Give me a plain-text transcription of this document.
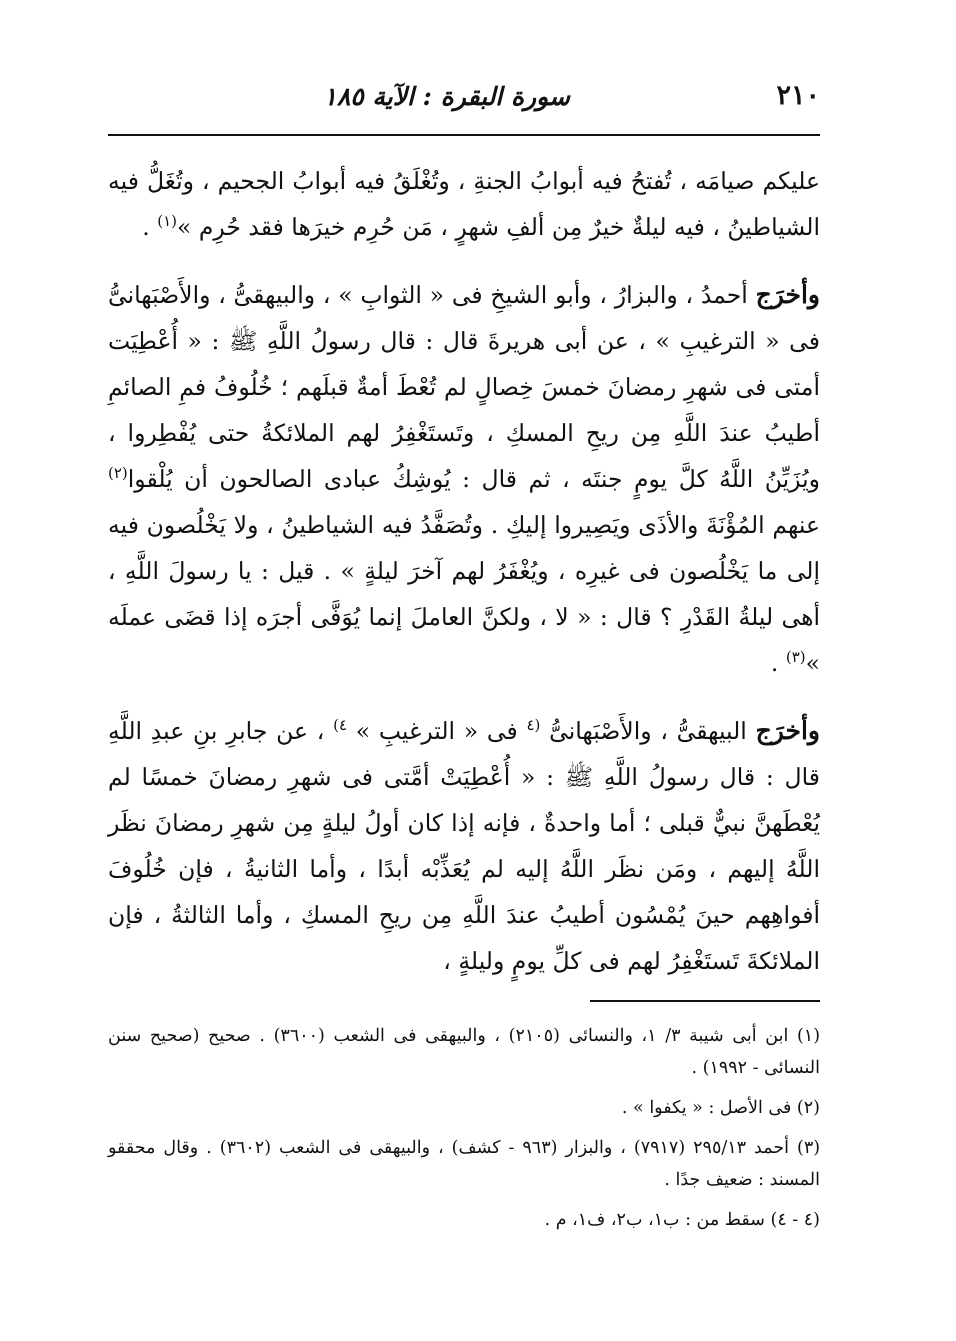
٢١٠
سورة البقرة : الآية ١٨٥

عليكم صيامَه ، تُفتحُ فيه أبوابُ الجنةِ ، وتُغْلَقُ فيه أبوابُ الجحيم ، وتُغَلُّ فيه الشياطينُ ، فيه ليلةٌ خيرٌ مِن ألفِ شهرٍ ، مَن حُرِم خيرَها فقد حُرِم »$^{(١)}$ .

وأخرَج أحمدُ ، والبزارُ ، وأبو الشيخِ فى « الثوابِ » ، والبيهقىُّ ، والأَصْبَهانىُّ فى « الترغيبِ » ، عن أبى هريرةَ قال : قال رسولُ اللَّهِ ﷺ : « أُعْطِيَت أمتى فى شهرِ رمضانَ خمسَ خِصالٍ لم تُعْطَ أمةٌ قبلَهم ؛ خُلُوفُ فمِ الصائمِ أطيبُ عندَ اللَّهِ مِن ريحِ المسكِ ، وتَستَغْفِرُ لهم الملائكةُ حتى يُفْطِروا ، ويُزَيِّنُ اللَّهُ كلَّ يومٍ جنتَه ، ثم قال : يُوشِكُ عبادى الصالحون أن يُلْقوا$^{(٢)}$ عنهم المُؤْنَةَ والأذَى ويَصِيروا إليكِ . وتُصَفَّدُ فيه الشياطينُ ، ولا يَخْلُصون فيه إلى ما يَخْلُصون فى غيرِه ، ويُغْفَرُ لهم آخرَ ليلةٍ » . قيل : يا رسولَ اللَّهِ ، أهى ليلةُ القَدْرِ ؟ قال : « لا ، ولكنَّ العاملَ إنما يُوَفَّى أجرَه إذا قضَى عملَه »$^{(٣)}$ .

وأخرَج البيهقىُّ ، والأَصْبَهانىُّ $^{(٤}$ فى « الترغيبِ » $^{٤)}$ ، عن جابرِ بنِ عبدِ اللَّهِ قال : قال رسولُ اللَّهِ ﷺ : « أُعْطِيَتْ أمَّتى فى شهرِ رمضانَ خمسًا لم يُعْطَهنَّ نبيٌّ قبلى ؛ أما واحدةٌ ، فإنه إذا كان أولُ ليلةٍ مِن شهرِ رمضانَ نظَر اللَّهُ إليهم ، ومَن نظَر اللَّهُ إليه لم يُعَذِّبْه أبدًا ، وأما الثانيةُ ، فإن خُلُوفَ أفواهِهم حينَ يُمْسُون أطيبُ عندَ اللَّهِ مِن ريحِ المسكِ ، وأما الثالثةُ ، فإن الملائكةَ تَستَغْفِرُ لهم فى كلِّ يومٍ وليلةٍ ،

(١) ابن أبى شيبة ٣/ ١، والنسائى (٢١٠٥) ، والبيهقى فى الشعب (٣٦٠٠) . صحيح (صحيح سنن النسائى - ١٩٩٢) .

(٢) فى الأصل : « يكفوا » .

(٣) أحمد ٢٩٥/١٣ (٧٩١٧) ، والبزار (٩٦٣ - كشف) ، والبيهقى فى الشعب (٣٦٠٢) . وقال محققو المسند : ضعيف جدًا .

(٤ - ٤) سقط من : ب١، ب٢، ف١، م .
